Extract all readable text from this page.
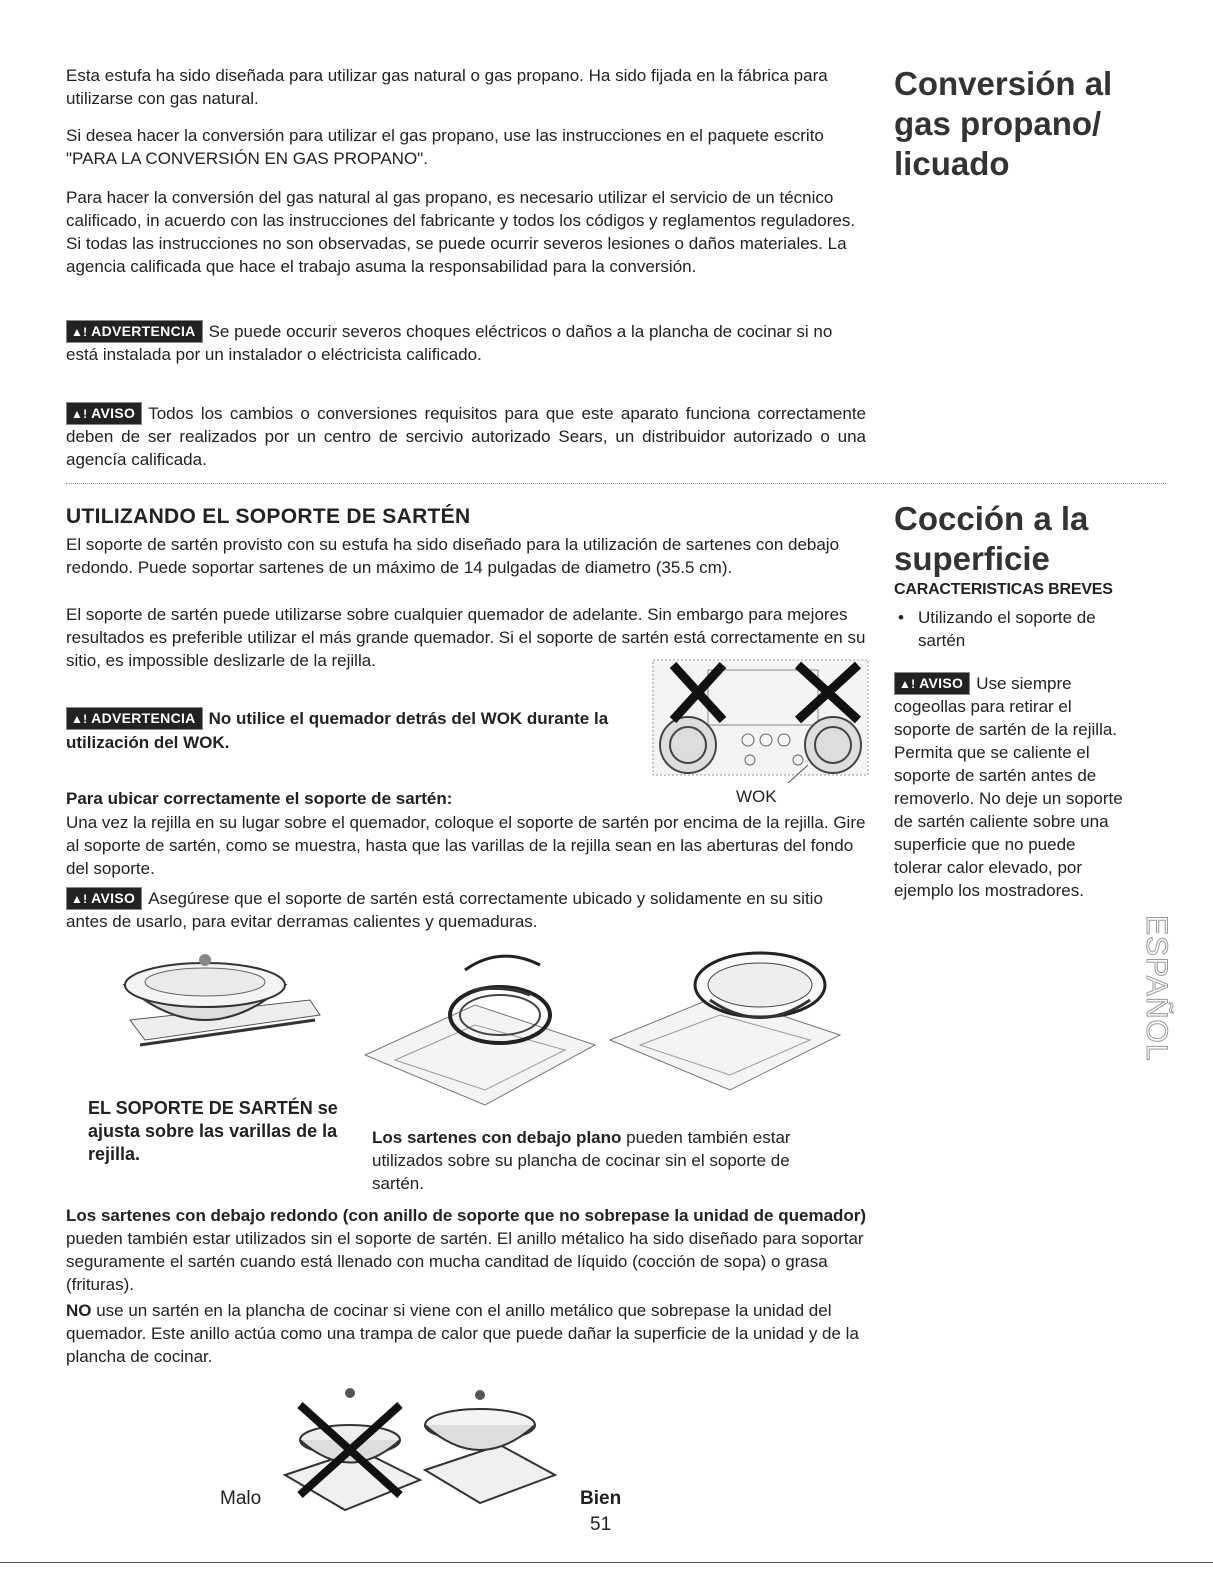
Esta estufa ha sido diseñada para utilizar gas natural o gas propano. Ha sido fijada en la fábrica para utilizarse con gas natural.

Si desea hacer la conversión para utilizar el gas propano, use las instrucciones en el paquete escrito "PARA LA CONVERSIÓN EN GAS PROPANO".

Para hacer la conversión del gas natural al gas propano, es necesario utilizar el servicio de un técnico calificado, in acuerdo con las instrucciones del fabricante y todos los códigos y reglamentos reguladores. Si todas las instrucciones no son observadas, se puede ocurrir severos lesiones o daños materiales. La agencia calificada que hace el trabajo asuma la responsabilidad para la conversión.

▲! ADVERTENCIA Se puede occurir severos choques eléctricos o daños a la plancha de cocinar si no está instalada por un instalador o eléctricista calificado.

▲! AVISO Todos los cambios o conversiones requisitos para que este aparato funciona correctamente deben de ser realizados por un centro de sercivio autorizado Sears, un distribuidor autorizado o una agencía calificada.

Conversión al gas propano/ licuado
UTILIZANDO EL SOPORTE DE SARTÉN

El soporte de sartén provisto con su estufa ha sido diseñado para la utilización de sartenes con debajo redondo. Puede soportar sartenes de un máximo de 14 pulgadas de diametro (35.5 cm).

El soporte de sartén puede utilizarse sobre cualquier quemador de adelante. Sin embargo para mejores resultados es preferible utilizar el más grande quemador. Si el soporte de sartén está correctamente en su sitio, es impossible deslizarle de la rejilla.

▲! ADVERTENCIA No utilice el quemador detrás del WOK durante la utilización del WOK.

WOK
Para ubicar correctamente el soporte de sartén:

Una vez la rejilla en su lugar sobre el quemador, coloque el soporte de sartén por encima de la rejilla. Gire al soporte de sartén, como se muestra, hasta que las varillas de la rejilla sean en las aberturas del fondo del soporte.

▲! AVISO Asegúrese que el soporte de sartén está correctamente ubicado y solidamente en su sitio antes de usarlo, para evitar derramas calientes y quemaduras.

EL SOPORTE DE SARTÉN se ajusta sobre las varillas de la rejilla.

Los sartenes con debajo plano pueden también estar utilizados sobre su plancha de cocinar sin el soporte de sartén.

Los sartenes con debajo redondo (con anillo de soporte que no sobrepase la unidad de quemador) pueden también estar utilizados sin el soporte de sartén. El anillo métalico ha sido diseñado para soportar seguramente el sartén cuando está llenado con mucha canditad de líquido (cocción de sopa) o grasa (frituras).

NO use un sartén en la plancha de cocinar si viene con el anillo metálico que sobrepase la unidad del quemador. Este anillo actúa como una trampa de calor que puede dañar la superficie de la unidad y de la plancha de cocinar.

Malo	Bien
51
Cocción a la superficie
CARACTERISTICAS BREVES
• Utilizando el soporte de sartén

▲! AVISO Use siempre cogeollas para retirar el soporte de sartén de la rejilla. Permita que se caliente el soporte de sartén antes de removerlo. No deje un soporte de sartén caliente sobre una superficie que no puede tolerar calor elevado, por ejemplo los mostradores.

ESPAÑOL
